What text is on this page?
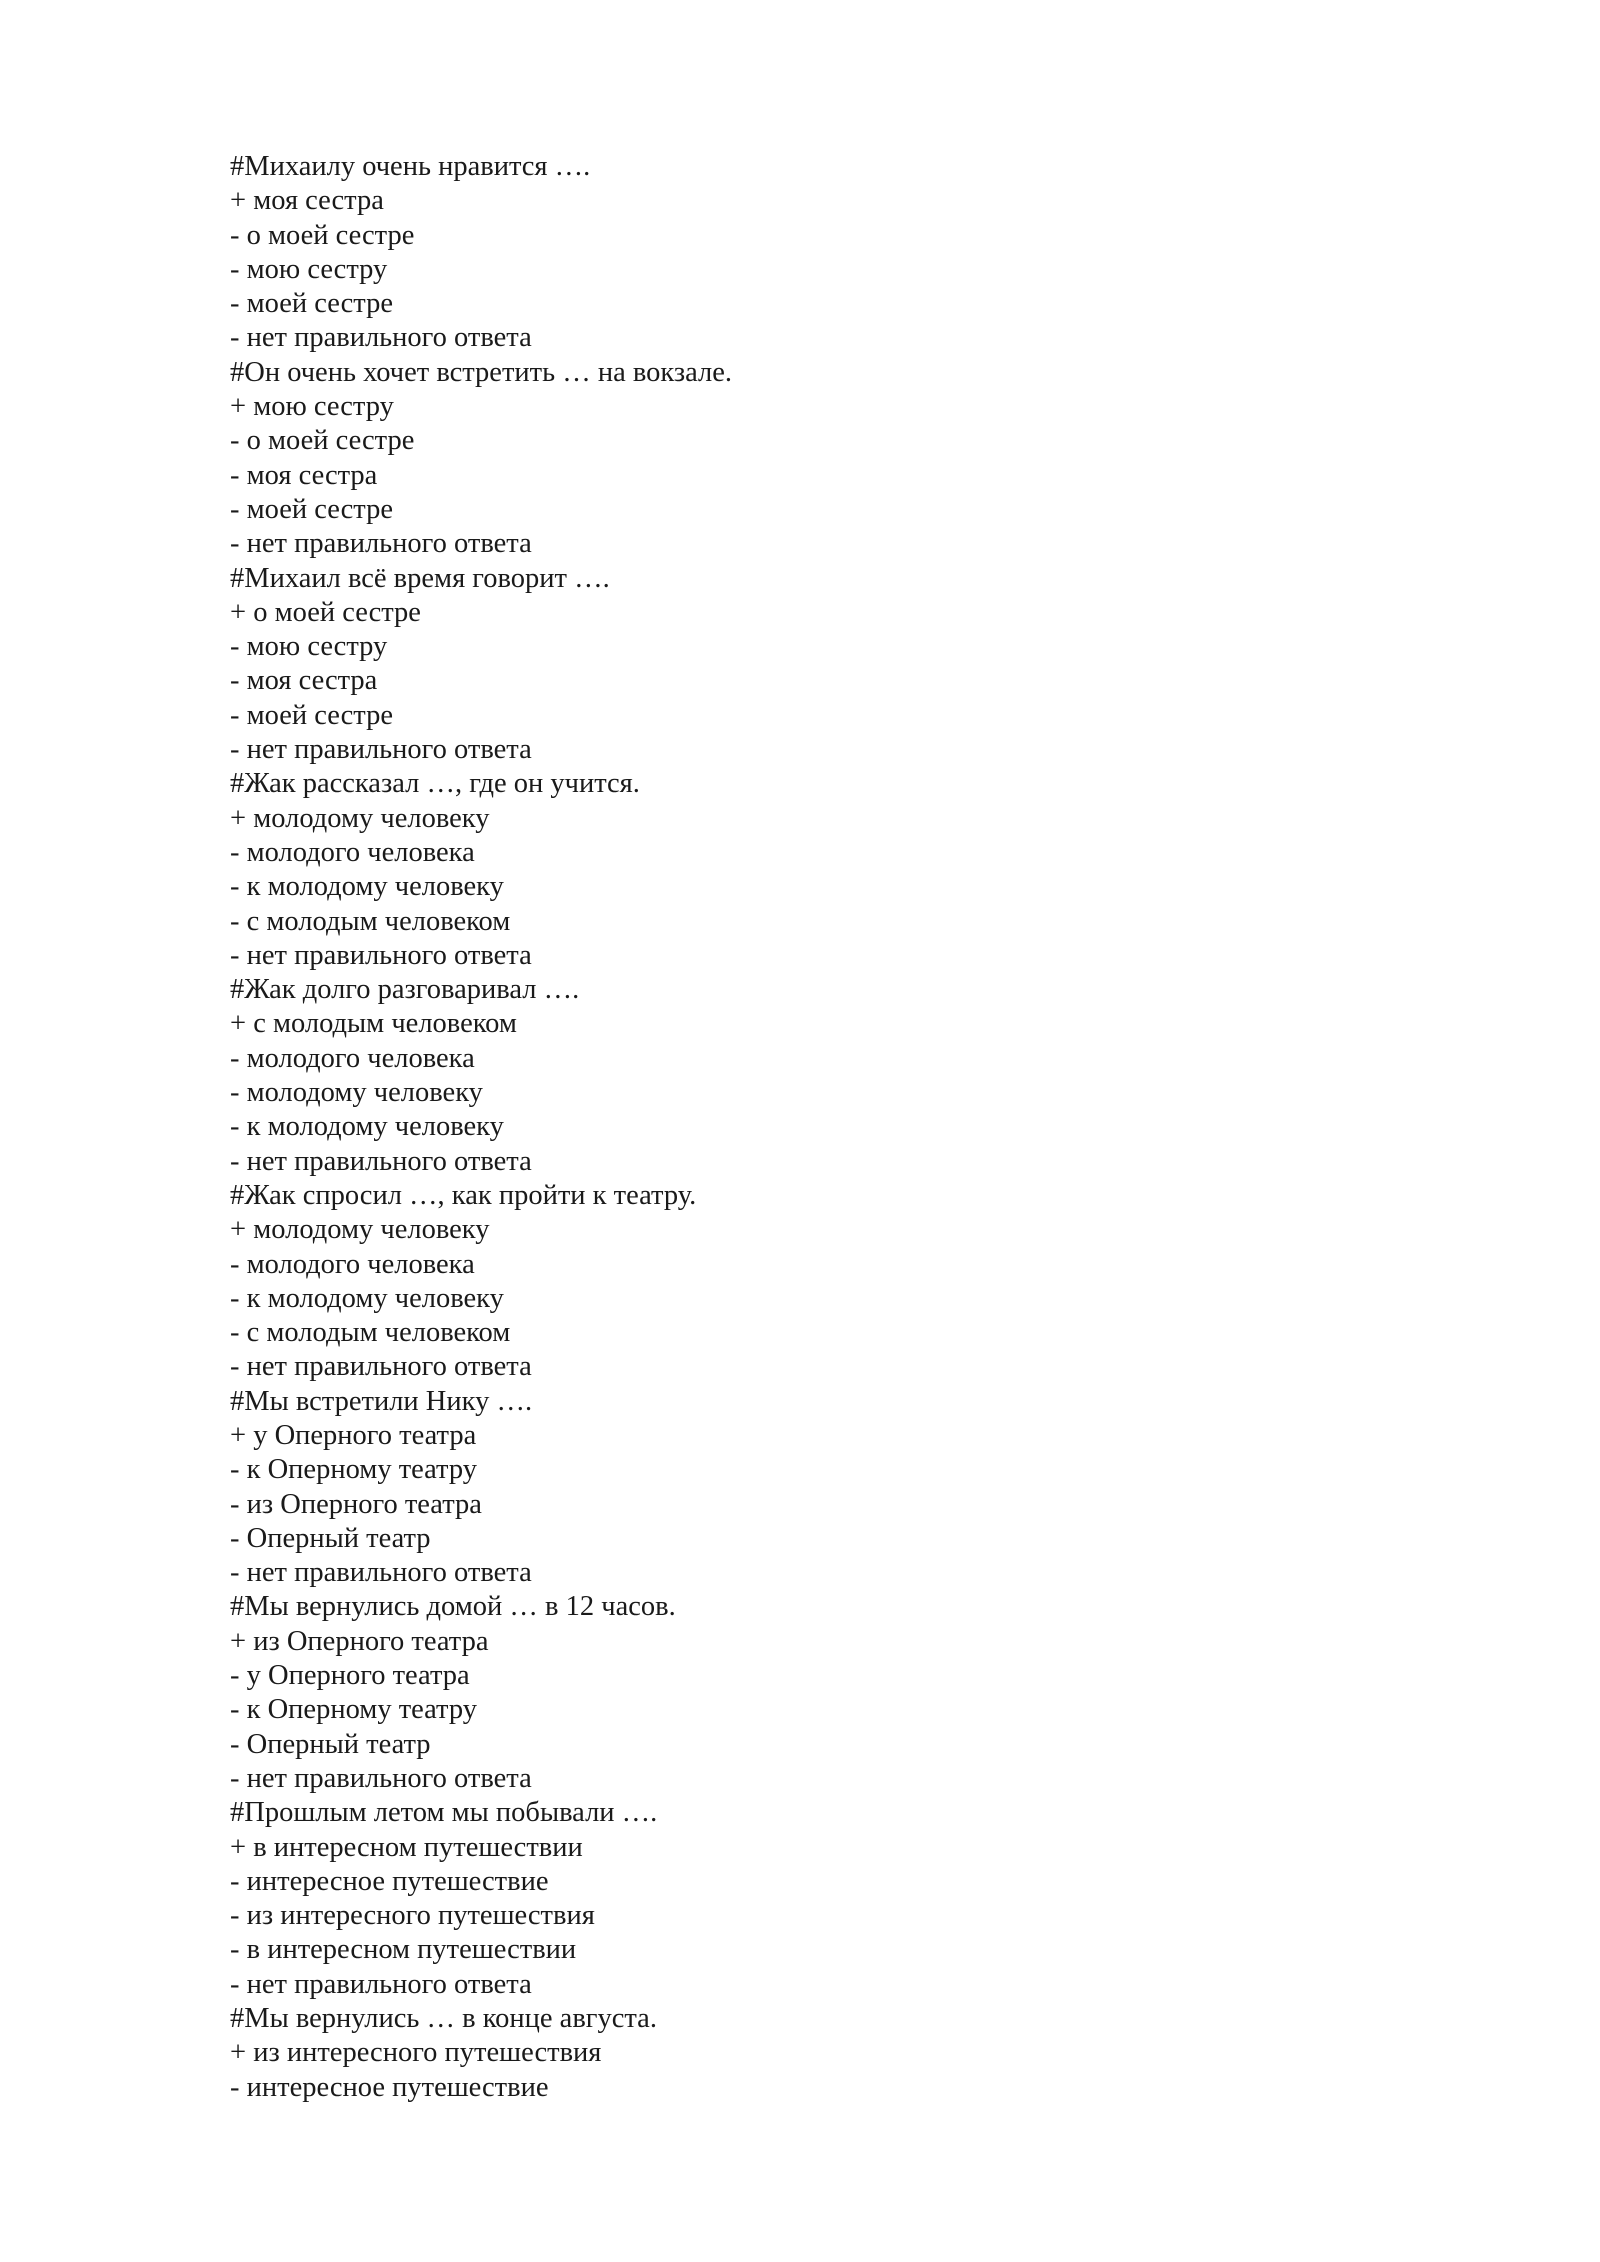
#Михаилу очень нравится ….
+ моя сестра
- о моей сестре
- мою сестру
- моей сестре
- нет правильного ответа
#Он очень хочет встретить … на вокзале.
+ мою сестру
- о моей сестре
- моя сестра
- моей сестре
- нет правильного ответа
#Михаил всё время говорит ….
+ о моей сестре
- мою сестру
- моя сестра
- моей сестре
- нет правильного ответа
#Жак рассказал …, где он учится.
+ молодому человеку
- молодого человека
- к молодому человеку
- с молодым человеком
- нет правильного ответа
#Жак долго разговаривал ….
+ с молодым человеком
- молодого человека
- молодому человеку
- к молодому человеку
- нет правильного ответа
#Жак спросил …, как пройти к театру.
+ молодому человеку
- молодого человека
- к молодому человеку
- с молодым человеком
- нет правильного ответа
#Мы встретили Нику ….
+ у Оперного театра
- к Оперному театру
- из Оперного театра
- Оперный театр
- нет правильного ответа
#Мы вернулись домой … в 12 часов.
+ из Оперного театра
- у Оперного театра
- к Оперному театру
- Оперный театр
- нет правильного ответа
#Прошлым летом мы побывали ….
+ в интересном путешествии
- интересное путешествие
- из интересного путешествия
- в интересном путешествии
- нет правильного ответа
#Мы вернулись … в конце августа.
+ из интересного путешествия
- интересное путешествие
